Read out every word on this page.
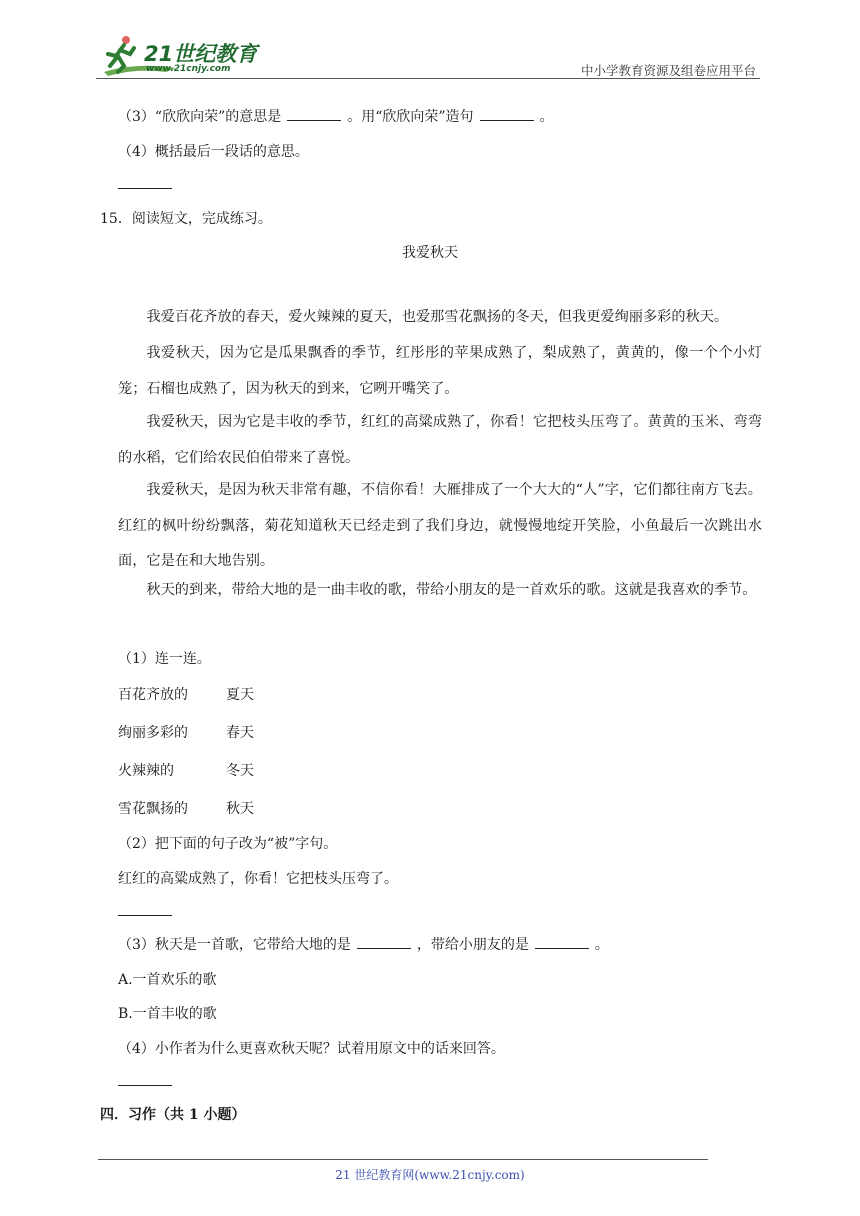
21世纪教育
www.21cnjy.com	中小学教育资源及组卷应用平台
（3）“欣欣向荣”的意思是	。用“欣欣向荣”造句	。
（4）概括最后一段话的意思。
15．阅读短文，完成练习。
我爱秋天
我爱百花齐放的春天，爱火辣辣的夏天，也爱那雪花飘扬的冬天，但我更爱绚丽多彩的秋天。
我爱秋天，因为它是瓜果飘香的季节，红彤彤的苹果成熟了，梨成熟了，黄黄的，像一个个小灯笼；石榴也成熟了，因为秋天的到来，它咧开嘴笑了。
我爱秋天，因为它是丰收的季节，红红的高粱成熟了，你看！它把枝头压弯了。黄黄的玉米、弯弯的水稻，它们给农民伯伯带来了喜悦。
我爱秋天，是因为秋天非常有趣，不信你看！大雁排成了一个大大的“人”字，它们都往南方飞去。红红的枫叶纷纷飘落，菊花知道秋天已经走到了我们身边，就慢慢地绽开笑脸，小鱼最后一次跳出水面，它是在和大地告别。
秋天的到来，带给大地的是一曲丰收的歌，带给小朋友的是一首欢乐的歌。这就是我喜欢的季节。
（1）连一连。
百花齐放的	夏天
绚丽多彩的	春天
火辣辣的	冬天
雪花飘扬的	秋天
（2）把下面的句子改为“被”字句。
红红的高粱成熟了，你看！它把枝头压弯了。
（3）秋天是一首歌，它带给大地的是	，带给小朋友的是	。
A.一首欢乐的歌
B.一首丰收的歌
（4）小作者为什么更喜欢秋天呢？试着用原文中的话来回答。
四．习作（共 1 小题）
21 世纪教育网(www.21cnjy.com)
